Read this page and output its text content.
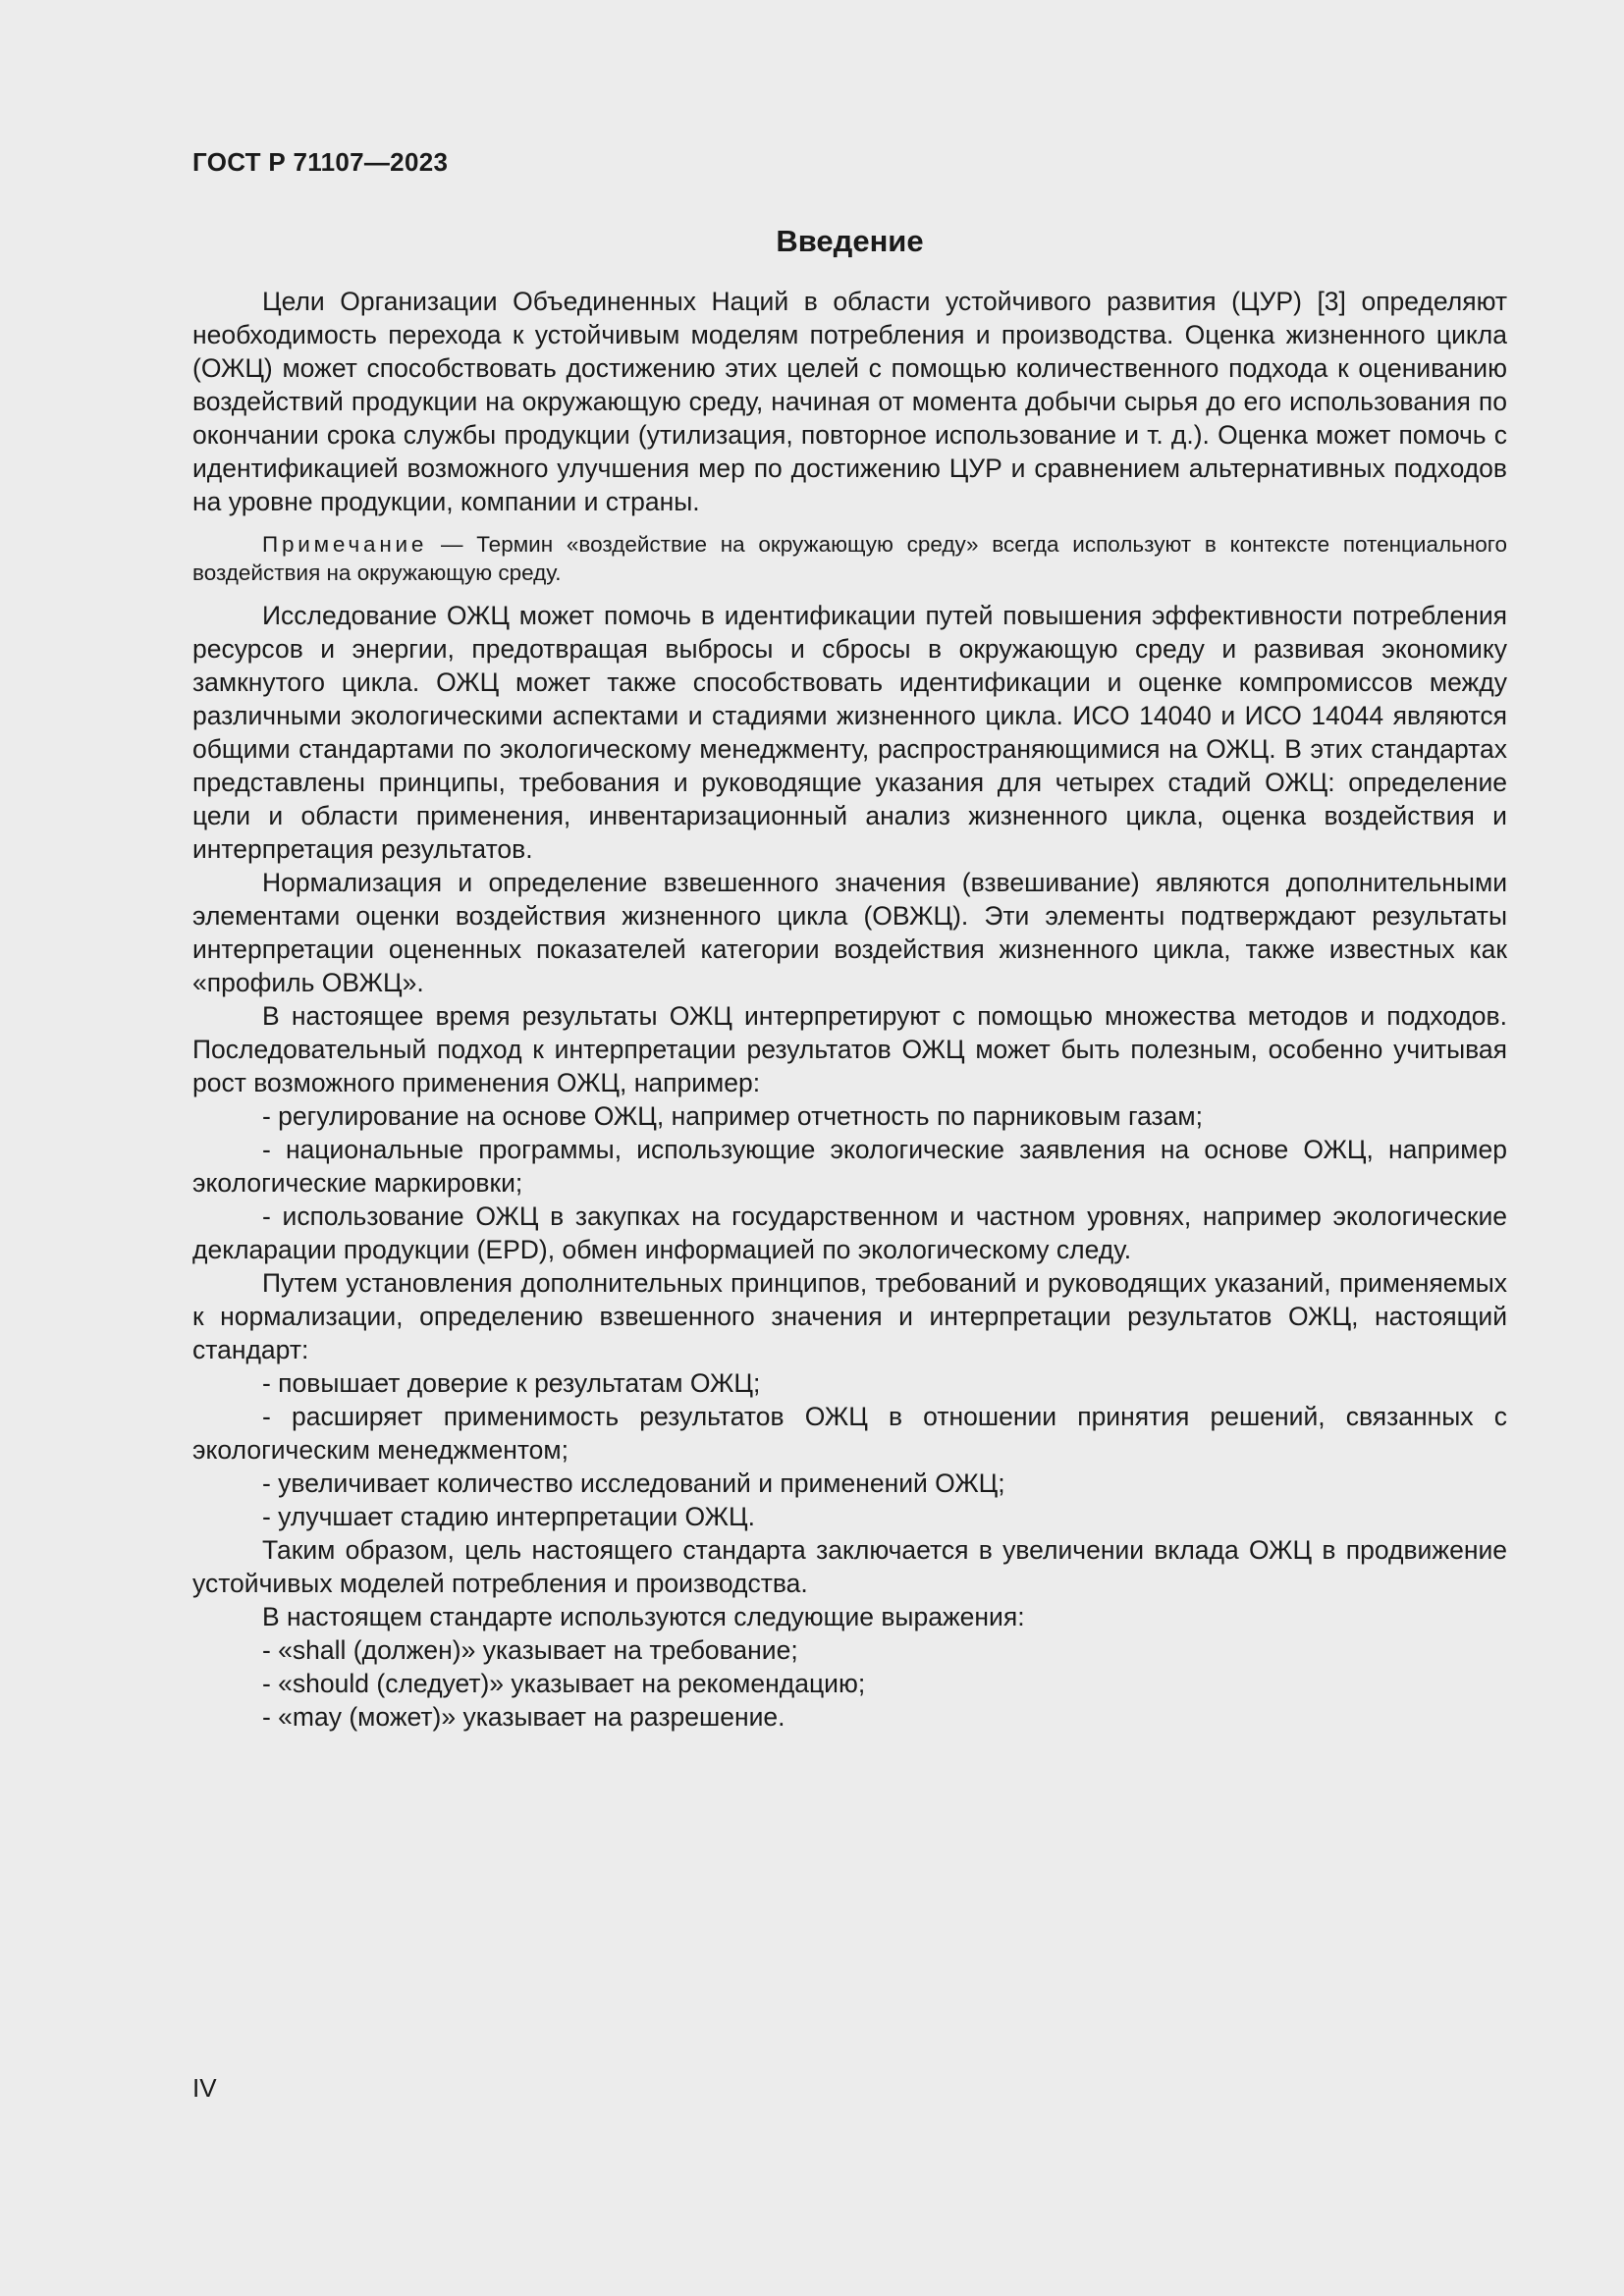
ГОСТ Р 71107—2023
Введение

Цели Организации Объединенных Наций в области устойчивого развития (ЦУР) [3] определяют необходимость перехода к устойчивым моделям потребления и производства. Оценка жизненного цикла (ОЖЦ) может способствовать достижению этих целей с помощью количественного подхода к оцениванию воздействий продукции на окружающую среду, начиная от момента добычи сырья до его использования по окончании срока службы продукции (утилизация, повторное использование и т. д.). Оценка может помочь с идентификацией возможного улучшения мер по достижению ЦУР и сравнением альтернативных подходов на уровне продукции, компании и страны.

Примечание — Термин «воздействие на окружающую среду» всегда используют в контексте потенциального воздействия на окружающую среду.

Исследование ОЖЦ может помочь в идентификации путей повышения эффективности потребления ресурсов и энергии, предотвращая выбросы и сбросы в окружающую среду и развивая экономику замкнутого цикла. ОЖЦ может также способствовать идентификации и оценке компромиссов между различными экологическими аспектами и стадиями жизненного цикла. ИСО 14040 и ИСО 14044 являются общими стандартами по экологическому менеджменту, распространяющимися на ОЖЦ. В этих стандартах представлены принципы, требования и руководящие указания для четырех стадий ОЖЦ: определение цели и области применения, инвентаризационный анализ жизненного цикла, оценка воздействия и интерпретация результатов.

Нормализация и определение взвешенного значения (взвешивание) являются дополнительными элементами оценки воздействия жизненного цикла (ОВЖЦ). Эти элементы подтверждают результаты интерпретации оцененных показателей категории воздействия жизненного цикла, также известных как «профиль ОВЖЦ».

В настоящее время результаты ОЖЦ интерпретируют с помощью множества методов и подходов. Последовательный подход к интерпретации результатов ОЖЦ может быть полезным, особенно учитывая рост возможного применения ОЖЦ, например:

- регулирование на основе ОЖЦ, например отчетность по парниковым газам;

- национальные программы, использующие экологические заявления на основе ОЖЦ, например экологические маркировки;

- использование ОЖЦ в закупках на государственном и частном уровнях, например экологические декларации продукции (EPD), обмен информацией по экологическому следу.

Путем установления дополнительных принципов, требований и руководящих указаний, применяемых к нормализации, определению взвешенного значения и интерпретации результатов ОЖЦ, настоящий стандарт:

- повышает доверие к результатам ОЖЦ;

- расширяет применимость результатов ОЖЦ в отношении принятия решений, связанных с экологическим менеджментом;

- увеличивает количество исследований и применений ОЖЦ;

- улучшает стадию интерпретации ОЖЦ.

Таким образом, цель настоящего стандарта заключается в увеличении вклада ОЖЦ в продвижение устойчивых моделей потребления и производства.

В настоящем стандарте используются следующие выражения:

- «shall (должен)» указывает на требование;

- «should (следует)» указывает на рекомендацию;

- «may (может)» указывает на разрешение.

IV
